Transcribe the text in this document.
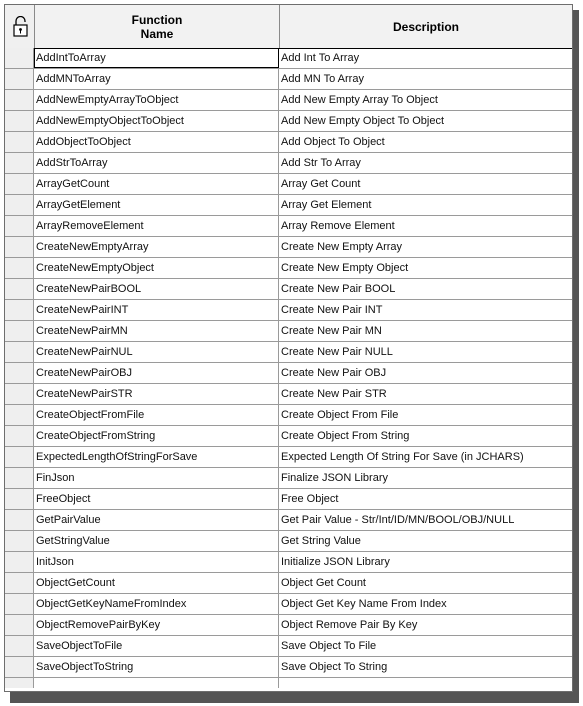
Function
Name	Description
AddIntToArray	Add Int To Array
AddMNToArray	Add MN To Array
AddNewEmptyArrayToObject	Add New Empty Array To Object
AddNewEmptyObjectToObject	Add New Empty Object To Object
AddObjectToObject	Add Object To Object
AddStrToArray	Add Str To Array
ArrayGetCount	Array Get Count
ArrayGetElement	Array Get Element
ArrayRemoveElement	Array Remove Element
CreateNewEmptyArray	Create New Empty Array
CreateNewEmptyObject	Create New Empty Object
CreateNewPairBOOL	Create New Pair BOOL
CreateNewPairINT	Create New Pair INT
CreateNewPairMN	Create New Pair MN
CreateNewPairNUL	Create New Pair NULL
CreateNewPairOBJ	Create New Pair OBJ
CreateNewPairSTR	Create New Pair STR
CreateObjectFromFile	Create Object From File
CreateObjectFromString	Create Object From String
ExpectedLengthOfStringForSave	Expected Length Of String For Save (in JCHARS)
FinJson	Finalize JSON Library
FreeObject	Free Object
GetPairValue	Get Pair Value - Str/Int/ID/MN/BOOL/OBJ/NULL
GetStringValue	Get String Value
InitJson	Initialize JSON Library
ObjectGetCount	Object Get Count
ObjectGetKeyNameFromIndex	Object Get Key Name From Index
ObjectRemovePairByKey	Object Remove Pair By Key
SaveObjectToFile	Save Object To File
SaveObjectToString	Save Object To String
